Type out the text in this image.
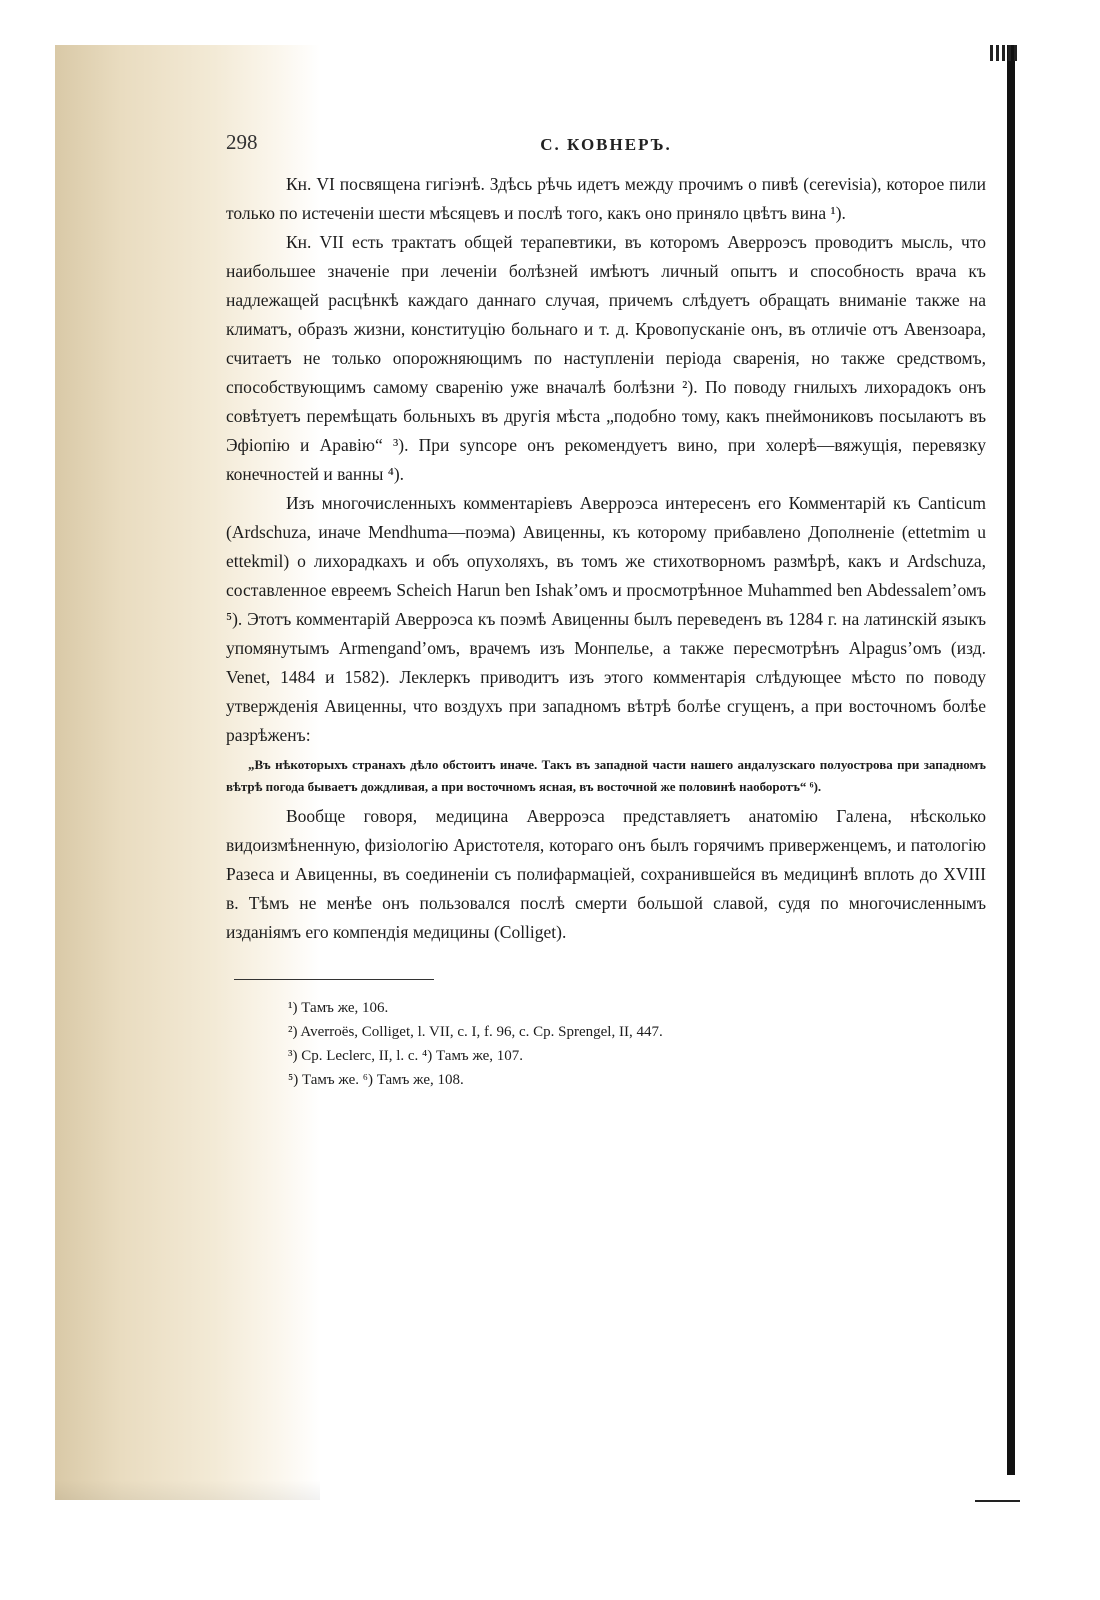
298	С. КОВНЕРЪ.

Кн. VI посвящена гигіэнѣ. Здѣсь рѣчь идетъ между прочимъ о пивѣ (cerevisia), которое пили только по истеченіи шести мѣсяцевъ и послѣ того, какъ оно приняло цвѣтъ вина ¹).

Кн. VII есть трактатъ общей терапевтики, въ которомъ Аверроэсъ проводитъ мысль, что наибольшее значеніе при леченіи болѣзней имѣютъ личный опытъ и способность врача къ надлежащей расцѣнкѣ каждаго даннаго случая, причемъ слѣдуетъ обращать вниманіе также на климатъ, образъ жизни, конституцію больнаго и т. д. Кровопусканіе онъ, въ отличіе отъ Авензоара, считаетъ не только опорожняющимъ по наступленіи періода сваренія, но также средствомъ, способствующимъ самому сваренію уже вначалѣ болѣзни ²). По поводу гнилыхъ лихорадокъ онъ совѣтуетъ перемѣщать больныхъ въ другія мѣста „подобно тому, какъ пнеймониковъ посылаютъ въ Эфіопію и Аравію“ ³). При syncope онъ рекомендуетъ вино, при холерѣ—вяжущія, перевязку конечностей и ванны ⁴).

Изъ многочисленныхъ комментаріевъ Аверроэса интересенъ его Комментарій къ Canticum (Ardschuza, иначе Mendhuma—поэма) Авиценны, къ которому прибавлено Дополненіе (ettetmim u ettekmil) о лихорадкахъ и объ опухоляхъ, въ томъ же стихотворномъ размѣрѣ, какъ и Ardschuza, составленное евреемъ Scheich Harun ben Ishak’омъ и просмотрѣнное Muhammed ben Abdessalem’омъ ⁵). Этотъ комментарій Аверроэса къ поэмѣ Авиценны былъ переведенъ въ 1284 г. на латинскій языкъ упомянутымъ Armengand’омъ, врачемъ изъ Монпелье, а также пересмотрѣнъ Alpagus’омъ (изд. Venet, 1484 и 1582). Леклеркъ приводитъ изъ этого комментарія слѣдующее мѣсто по поводу утвержденія Авиценны, что воздухъ при западномъ вѣтрѣ болѣе сгущенъ, а при восточномъ болѣе разрѣженъ:

„Въ нѣкоторыхъ странахъ дѣло обстоитъ иначе. Такъ въ западной части нашего андалузскаго полуострова при западномъ вѣтрѣ погода бываетъ дождливая, а при восточномъ ясная, въ восточной же половинѣ наоборотъ“ ⁶).

Вообще говоря, медицина Аверроэса представляетъ анатомію Галена, нѣсколько видоизмѣненную, физіологію Аристотеля, котораго онъ былъ горячимъ приверженцемъ, и патологію Разеса и Авиценны, въ соединеніи съ полифармаціей, сохранившейся въ медицинѣ вплоть до XVIII в. Тѣмъ не менѣе онъ пользовался послѣ смерти большой славой, судя по многочисленнымъ изданіямъ его компендія медицины (Colliget).

¹) Тамъ же, 106.
²) Averroës, Colliget, l. VII, c. I, f. 96, c. Cp. Sprengel, II, 447.
³) Cp. Leclerc, II, l. c. ⁴) Тамъ же, 107.
⁵) Тамъ же. ⁶) Тамъ же, 108.
